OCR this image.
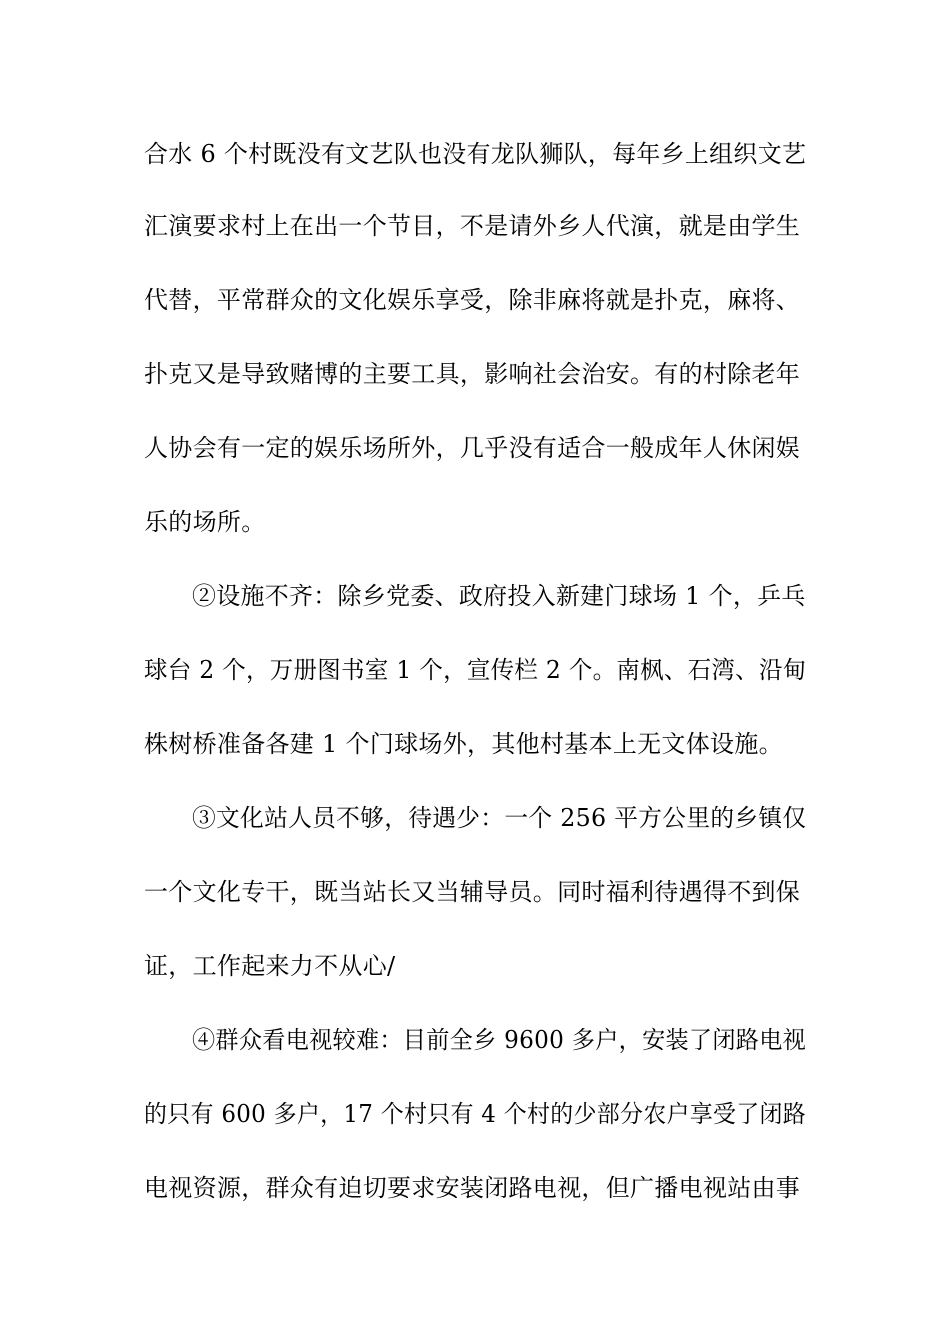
合水 6 个村既没有文艺队也没有龙队狮队，每年乡上组织文艺
汇演要求村上在出一个节目，不是请外乡人代演，就是由学生
代替，平常群众的文化娱乐享受，除非麻将就是扑克，麻将、
扑克又是导致赌博的主要工具，影响社会治安。有的村除老年
人协会有一定的娱乐场所外，几乎没有适合一般成年人休闲娱
乐的场所。
②设施不齐：除乡党委、政府投入新建门球场 1 个，乒乓
球台 2 个，万册图书室 1 个，宣传栏 2 个。南枫、石湾、沿甸
株树桥准备各建 1 个门球场外，其他村基本上无文体设施。
③文化站人员不够，待遇少：一个 256 平方公里的乡镇仅
一个文化专干，既当站长又当辅导员。同时福利待遇得不到保
证，工作起来力不从心/
④群众看电视较难：目前全乡 9600 多户，安装了闭路电视
的只有 600 多户，17 个村只有 4 个村的少部分农户享受了闭路
电视资源，群众有迫切要求安装闭路电视，但广播电视站由事
